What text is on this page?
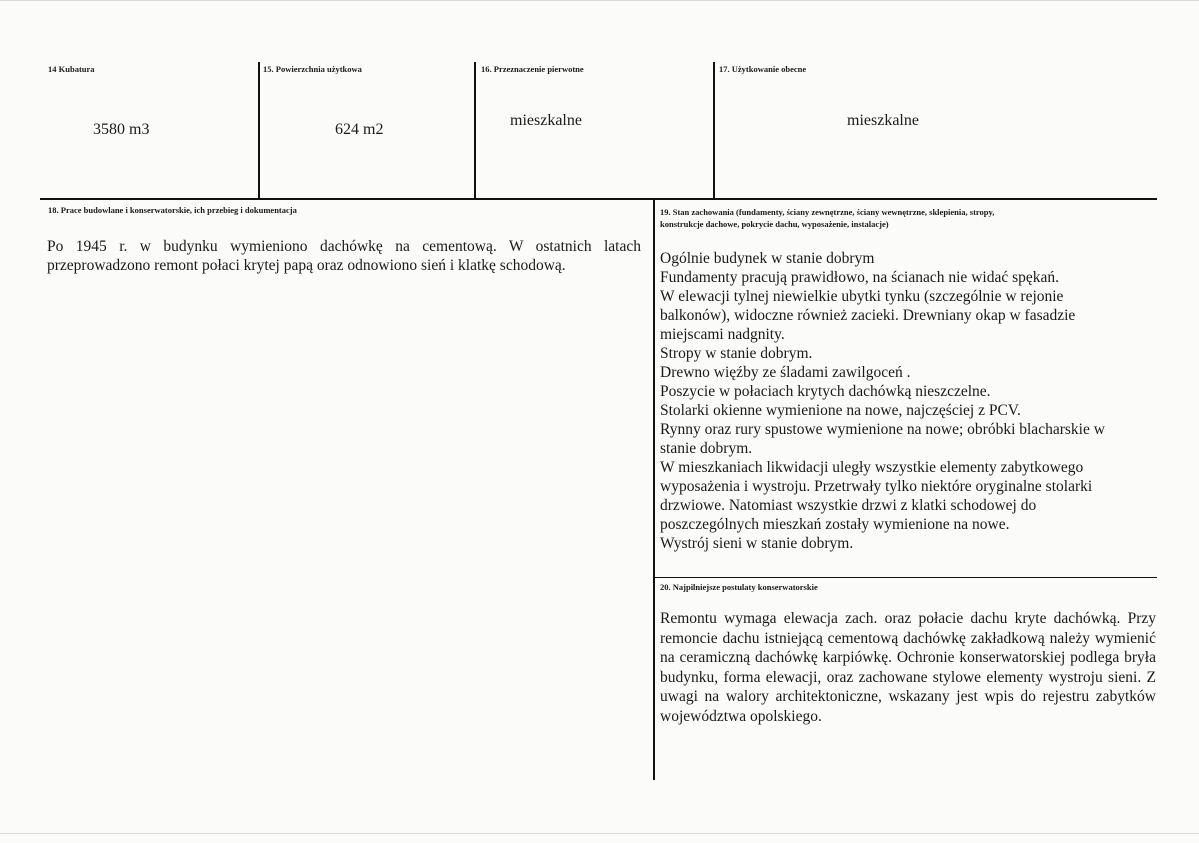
14 Kubatura
3580 m3
15. Powierzchnia użytkowa
624 m2
16. Przeznaczenie pierwotne
mieszkalne
17. Użytkowanie obecne
mieszkalne
18. Prace budowlane i konserwatorskie, ich przebieg i dokumentacja
Po 1945 r. w budynku wymieniono dachówkę na cementową. W ostatnich latach przeprowadzono remont połaci krytej papą oraz odnowiono sień i klatkę schodową.
19. Stan zachowania (fundamenty, ściany zewnętrzne, ściany wewnętrzne, sklepienia, stropy,
konstrukcje dachowe, pokrycie dachu, wyposażenie, instalacje)
Ogólnie budynek w stanie dobrym
Fundamenty pracują prawidłowo, na ścianach nie widać spękań.
W elewacji tylnej niewielkie ubytki tynku (szczególnie w rejonie
balkonów), widoczne również zacieki. Drewniany okap w fasadzie
miejscami nadgnity.
Stropy w stanie dobrym.
Drewno więźby ze śladami zawilgoceń .
Poszycie w połaciach krytych dachówką nieszczelne.
Stolarki okienne wymienione na nowe, najczęściej z PCV.
Rynny oraz rury spustowe wymienione na nowe; obróbki blacharskie w
stanie dobrym.
W mieszkaniach likwidacji uległy wszystkie elementy zabytkowego
wyposażenia i wystroju. Przetrwały tylko niektóre oryginalne stolarki
drzwiowe. Natomiast wszystkie drzwi z klatki schodowej do
poszczególnych mieszkań zostały wymienione na nowe.
Wystrój sieni w stanie dobrym.
20. Najpilniejsze postulaty konserwatorskie
Remontu wymaga elewacja zach. oraz połacie dachu kryte dachówką. Przy remoncie dachu istniejącą cementową dachówkę zakładkową należy wymienić na ceramiczną dachówkę karpiówkę. Ochronie konserwatorskiej podlega bryła budynku, forma elewacji, oraz zachowane stylowe elementy wystroju sieni. Z uwagi na walory architektoniczne, wskazany jest wpis do rejestru zabytków województwa opolskiego.
